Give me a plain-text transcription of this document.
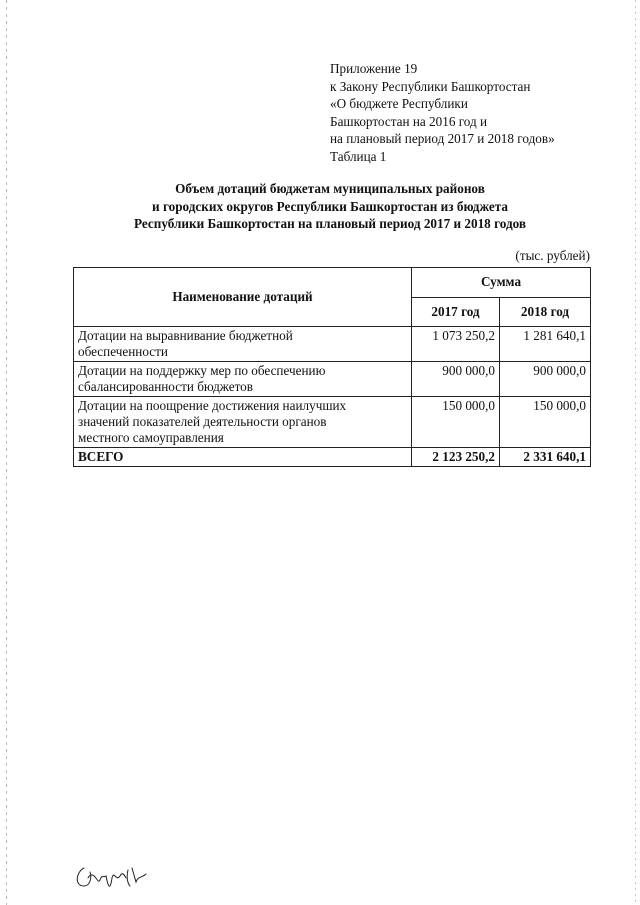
Приложение 19
к Закону Республики Башкортостан
«О бюджете Республики
Башкортостан на 2016 год и
на плановый период 2017 и 2018 годов»
Таблица 1
Объем дотаций бюджетам муниципальных районов
и городских округов Республики Башкортостан из бюджета
Республики Башкортостан на плановый период 2017 и 2018 годов
(тыс. рублей)
Наименование дотаций	Сумма	
	2017 год	2018 год

Дотации на выравнивание бюджетной
обеспеченности	1 073 250,2	1 281 640,1

Дотации на поддержку мер по обеспечению
сбалансированности бюджетов	900 000,0	900 000,0

Дотации на поощрение достижения наилучших
значений показателей деятельности органов
местного самоуправления	150 000,0	150 000,0
ВСЕГО	2 123 250,2	2 331 640,1
